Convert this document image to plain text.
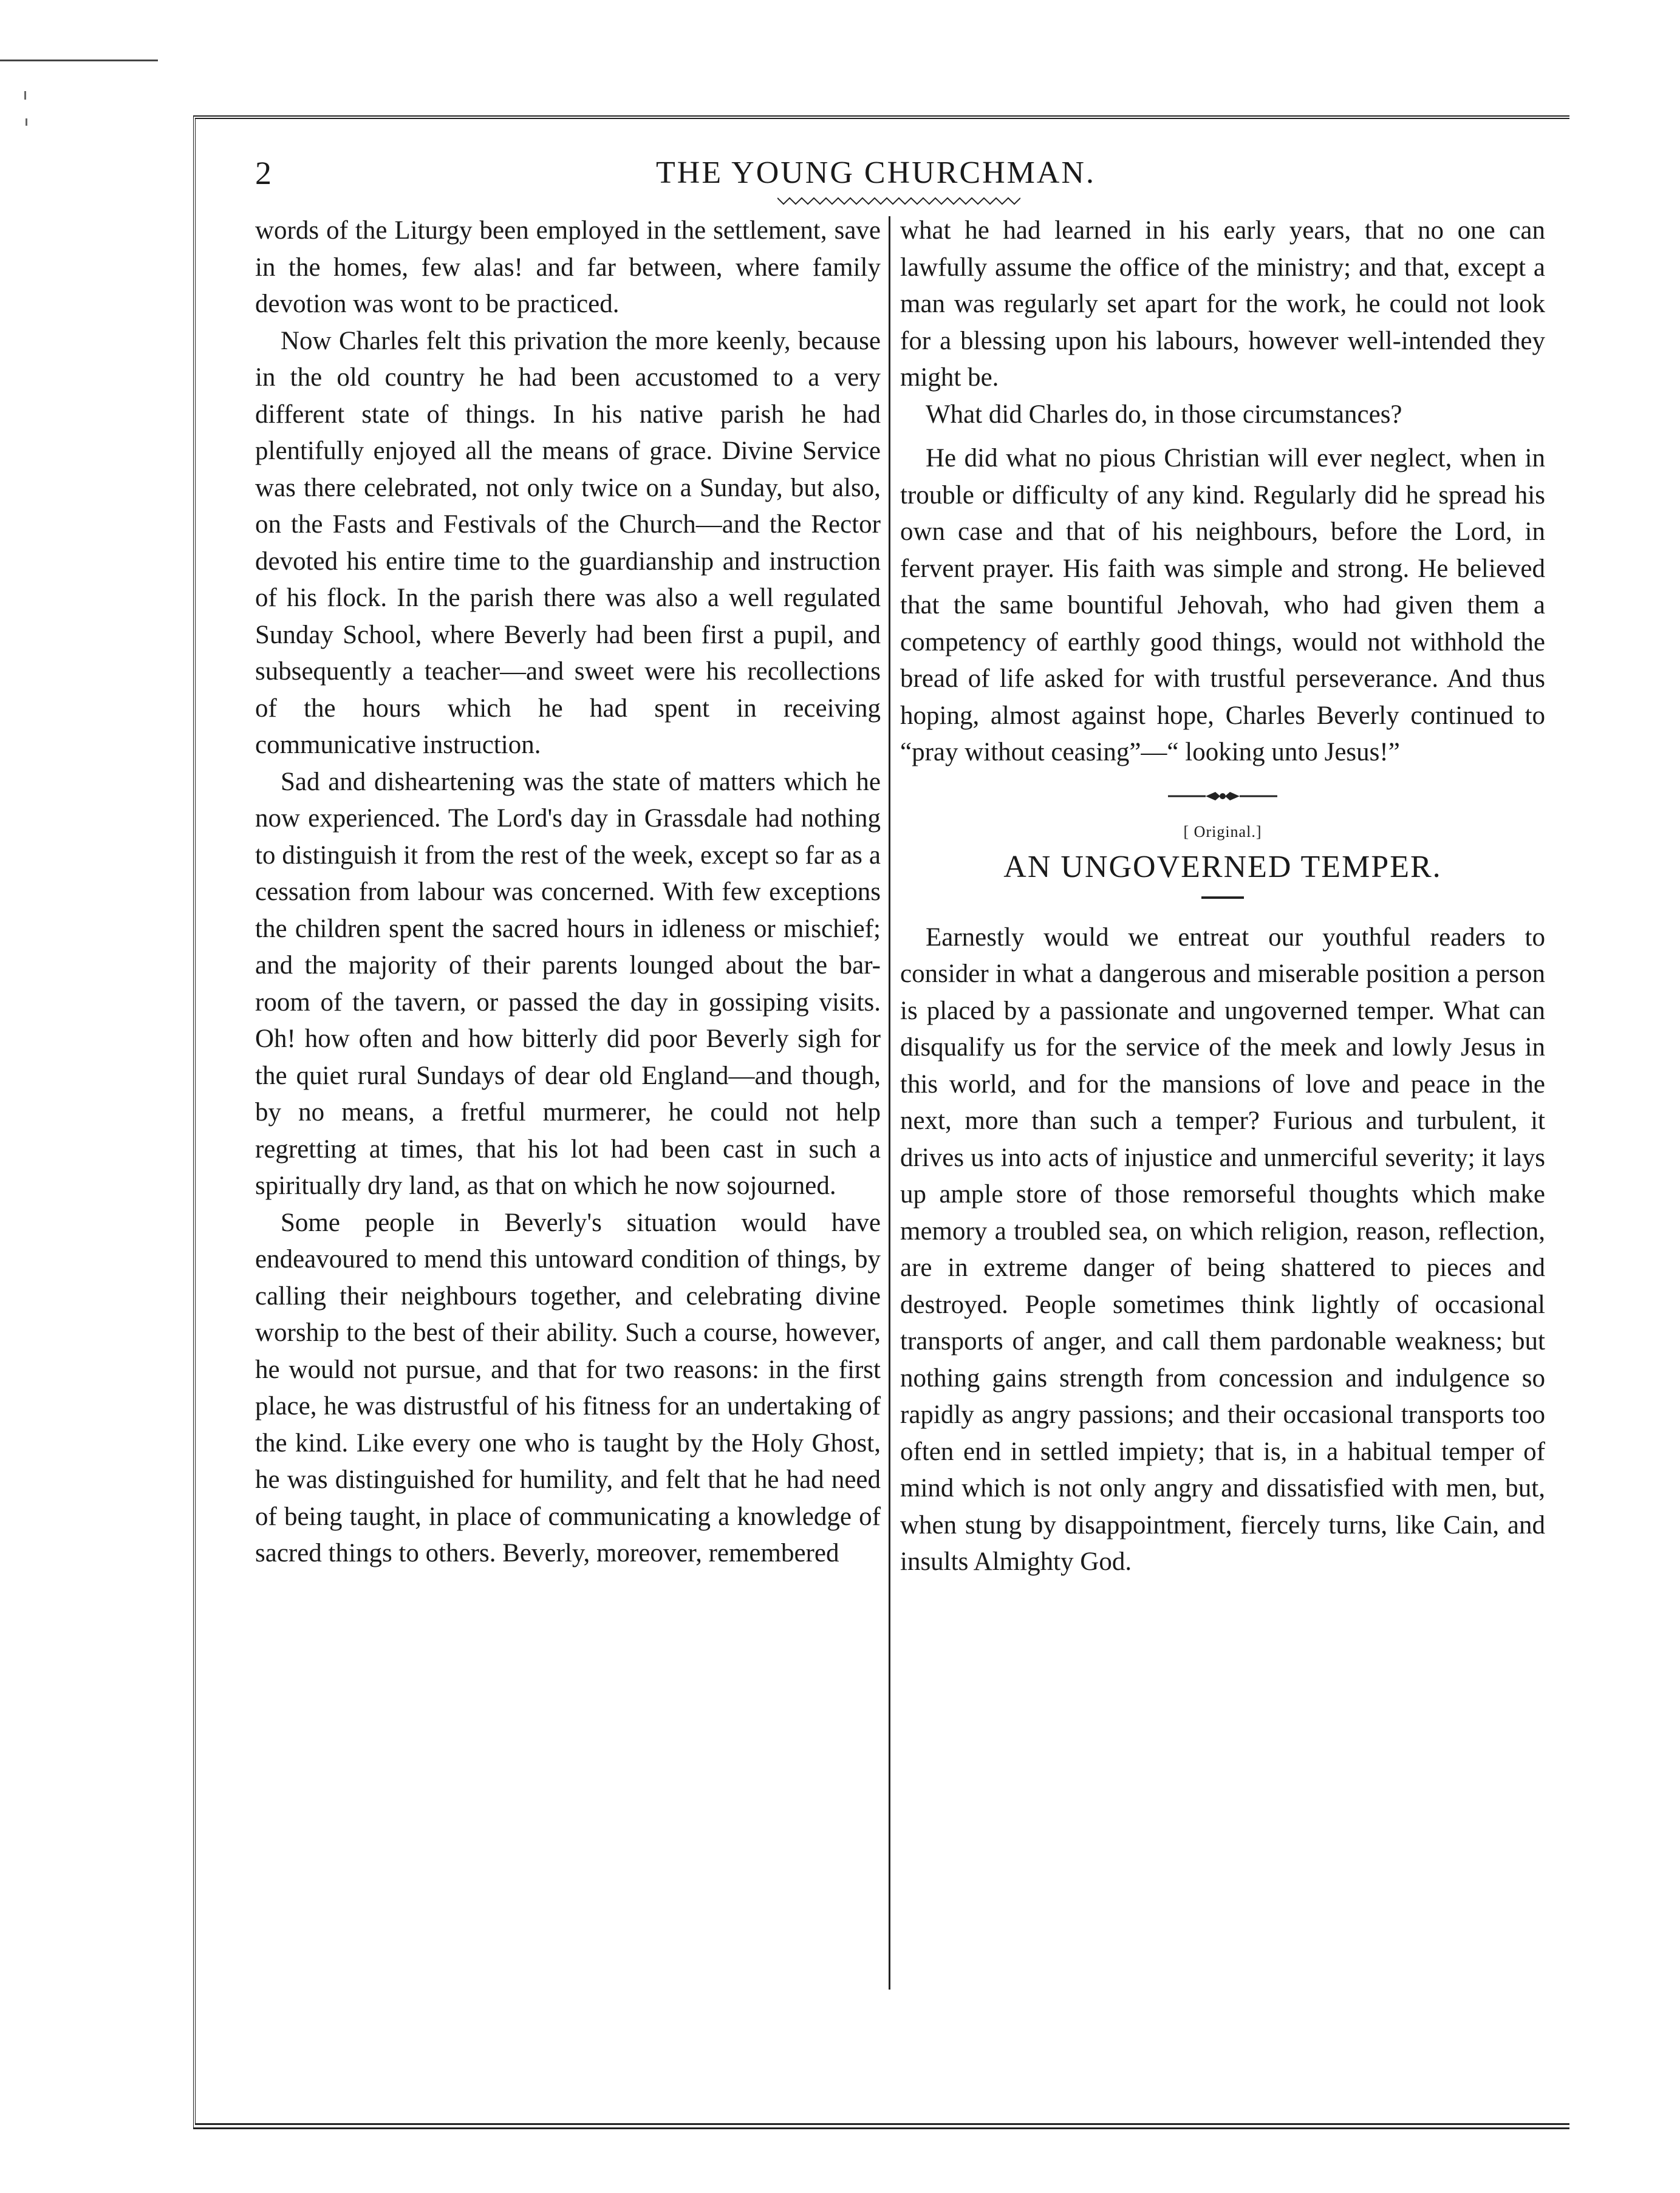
2	THE YOUNG CHURCHMAN.

words of the Liturgy been employed in the settlement, save in the homes, few alas! and far between, where family devotion was wont to be practiced.

Now Charles felt this privation the more keenly, because in the old country he had been accustomed to a very different state of things. In his native parish he had plentifully enjoyed all the means of grace. Divine Service was there celebrated, not only twice on a Sunday, but also, on the Fasts and Festivals of the Church—and the Rector devoted his entire time to the guardianship and instruction of his flock. In the parish there was also a well regulated Sunday School, where Beverly had been first a pupil, and subsequently a teacher—and sweet were his recollections of the hours which he had spent in receiving communicative instruction.

Sad and disheartening was the state of matters which he now experienced. The Lord's day in Grassdale had nothing to distinguish it from the rest of the week, except so far as a cessation from labour was concerned. With few exceptions the children spent the sacred hours in idleness or mischief; and the majority of their parents lounged about the bar-room of the tavern, or passed the day in gossiping visits. Oh! how often and how bitterly did poor Beverly sigh for the quiet rural Sundays of dear old England—and though, by no means, a fretful murmerer, he could not help regretting at times, that his lot had been cast in such a spiritually dry land, as that on which he now sojourned.

Some people in Beverly's situation would have endeavoured to mend this untoward condition of things, by calling their neighbours together, and celebrating divine worship to the best of their ability. Such a course, however, he would not pursue, and that for two reasons: in the first place, he was distrustful of his fitness for an undertaking of the kind. Like every one who is taught by the Holy Ghost, he was distinguished for humility, and felt that he had need of being taught, in place of communicating a knowledge of sacred things to others. Beverly, moreover, remembered

what he had learned in his early years, that no one can lawfully assume the office of the ministry; and that, except a man was regularly set apart for the work, he could not look for a blessing upon his labours, however well-intended they might be.

What did Charles do, in those circumstances?

He did what no pious Christian will ever neglect, when in trouble or difficulty of any kind. Regularly did he spread his own case and that of his neighbours, before the Lord, in fervent prayer. His faith was simple and strong. He believed that the same bountiful Jehovah, who had given them a competency of earthly good things, would not withhold the bread of life asked for with trustful perseverance. And thus hoping, almost against hope, Charles Beverly continued to “pray without ceasing”—“ looking unto Jesus!”

[ Original.]
AN UNGOVERNED TEMPER.

Earnestly would we entreat our youthful readers to consider in what a dangerous and miserable position a person is placed by a passionate and ungoverned temper. What can disqualify us for the service of the meek and lowly Jesus in this world, and for the mansions of love and peace in the next, more than such a temper? Furious and turbulent, it drives us into acts of injustice and unmerciful severity; it lays up ample store of those remorseful thoughts which make memory a troubled sea, on which religion, reason, reflection, are in extreme danger of being shattered to pieces and destroyed. People sometimes think lightly of occasional transports of anger, and call them pardonable weakness; but nothing gains strength from concession and indulgence so rapidly as angry passions; and their occasional transports too often end in settled impiety; that is, in a habitual temper of mind which is not only angry and dissatisfied with men, but, when stung by disappointment, fiercely turns, like Cain, and insults Almighty God.
